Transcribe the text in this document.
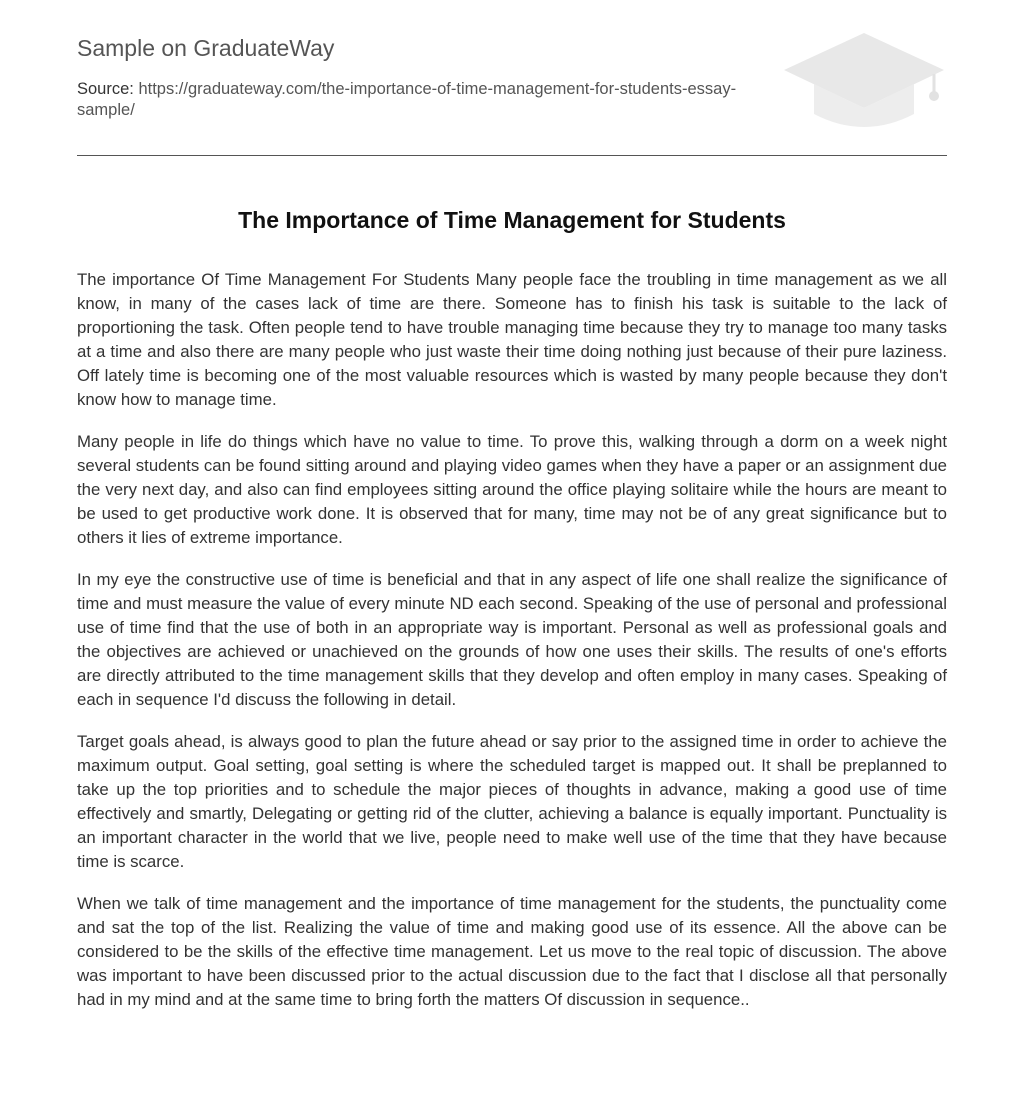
Sample on GraduateWay
Source: https://graduateway.com/the-importance-of-time-management-for-students-essay-sample/
The Importance of Time Management for Students

The importance Of Time Management For Students Many people face the troubling in time management as we all know, in many of the cases lack of time are there. Someone has to finish his task is suitable to the lack of proportioning the task. Often people tend to have trouble managing time because they try to manage too many tasks at a time and also there are many people who just waste their time doing nothing just because of their pure laziness. Off lately time is becoming one of the most valuable resources which is wasted by many people because they don't know how to manage time.

Many people in life do things which have no value to time. To prove this, walking through a dorm on a week night several students can be found sitting around and playing video games when they have a paper or an assignment due the very next day, and also can find employees sitting around the office playing solitaire while the hours are meant to be used to get productive work done. It is observed that for many, time may not be of any great significance but to others it lies of extreme importance.

In my eye the constructive use of time is beneficial and that in any aspect of life one shall realize the significance of time and must measure the value of every minute ND each second. Speaking of the use of personal and professional use of time find that the use of both in an appropriate way is important. Personal as well as professional goals and the objectives are achieved or unachieved on the grounds of how one uses their skills. The results of one's efforts are directly attributed to the time management skills that they develop and often employ in many cases. Speaking of each in sequence I'd discuss the following in detail.

Target goals ahead, is always good to plan the future ahead or say prior to the assigned time in order to achieve the maximum output. Goal setting, goal setting is where the scheduled target is mapped out. It shall be preplanned to take up the top priorities and to schedule the major pieces of thoughts in advance, making a good use of time effectively and smartly, Delegating or getting rid of the clutter, achieving a balance is equally important. Punctuality is an important character in the world that we live, people need to make well use of the time that they have because time is scarce.

When we talk of time management and the importance of time management for the students, the punctuality come and sat the top of the list. Realizing the value of time and making good use of its essence. All the above can be considered to be the skills of the effective time management. Let us move to the real topic of discussion. The above was important to have been discussed prior to the actual discussion due to the fact that I disclose all that personally had in my mind and at the same time to bring forth the matters Of discussion in sequence..
